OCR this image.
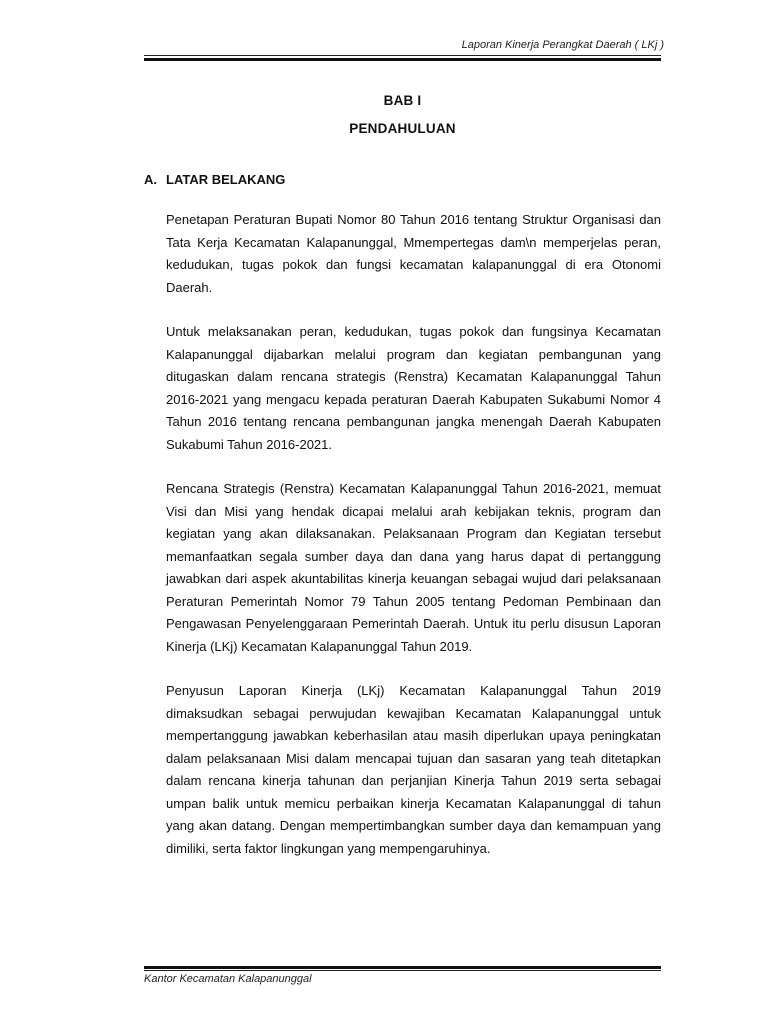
Laporan Kinerja Perangkat Daerah ( LKj )
BAB I
PENDAHULUAN
A. LATAR BELAKANG

Penetapan Peraturan Bupati Nomor 80 Tahun 2016 tentang Struktur Organisasi dan Tata Kerja Kecamatan Kalapanunggal, Mmempertegas dam\n memperjelas peran, kedudukan, tugas pokok dan fungsi kecamatan kalapanunggal di era Otonomi Daerah.

Untuk melaksanakan peran, kedudukan, tugas pokok dan fungsinya Kecamatan Kalapanunggal dijabarkan melalui program dan kegiatan pembangunan yang ditugaskan dalam rencana strategis (Renstra) Kecamatan Kalapanunggal Tahun 2016-2021 yang mengacu kepada peraturan Daerah Kabupaten Sukabumi Nomor 4 Tahun 2016 tentang rencana pembangunan jangka menengah Daerah Kabupaten Sukabumi Tahun 2016-2021.

Rencana Strategis (Renstra) Kecamatan Kalapanunggal Tahun 2016-2021, memuat Visi dan Misi yang hendak dicapai melalui arah kebijakan teknis, program dan kegiatan yang akan dilaksanakan. Pelaksanaan Program dan Kegiatan tersebut memanfaatkan segala sumber daya dan dana yang harus dapat di pertanggung jawabkan dari aspek akuntabilitas kinerja keuangan sebagai wujud dari pelaksanaan Peraturan Pemerintah Nomor 79 Tahun 2005 tentang Pedoman Pembinaan dan Pengawasan Penyelenggaraan Pemerintah Daerah. Untuk itu perlu disusun Laporan Kinerja (LKj) Kecamatan Kalapanunggal Tahun 2019.

Penyusun Laporan Kinerja (LKj) Kecamatan Kalapanunggal Tahun 2019 dimaksudkan sebagai perwujudan kewajiban Kecamatan Kalapanunggal untuk mempertanggung jawabkan keberhasilan atau masih diperlukan upaya peningkatan dalam pelaksanaan Misi dalam mencapai tujuan dan sasaran yang teah ditetapkan dalam rencana kinerja tahunan dan perjanjian Kinerja Tahun 2019 serta sebagai umpan balik untuk memicu perbaikan kinerja Kecamatan Kalapanunggal di tahun yang akan datang. Dengan mempertimbangkan sumber daya dan kemampuan yang dimiliki, serta faktor lingkungan yang mempengaruhinya.

Kantor Kecamatan Kalapanunggal
